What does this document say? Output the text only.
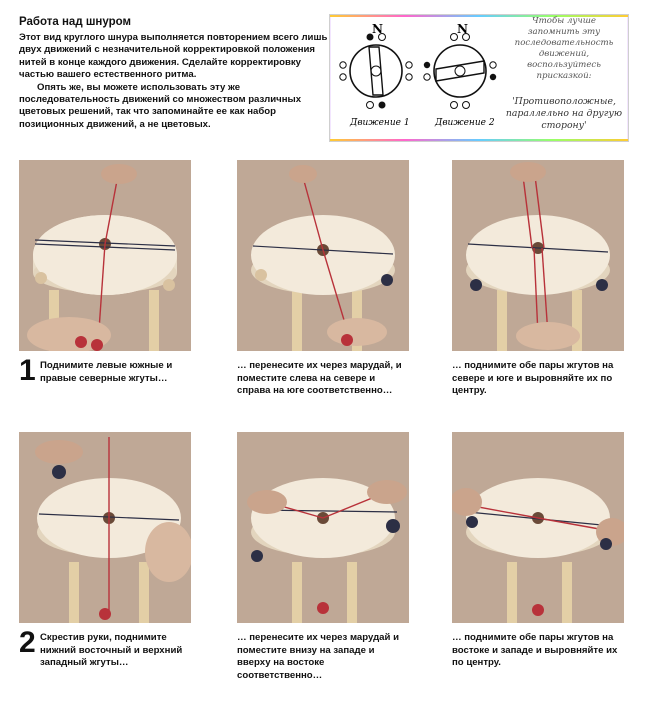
Работа над шнуром

Этот вид круглого шнура выполняется повторением всего лишь двух движений с незначительной корректировкой положения нитей в конце каждого движения. Сделайте корректировку частью вашего естественного ритма.

Опять же, вы можете использовать эту же последовательность движений со множеством различных цветовых решений, так что запоминайте ее как набор позиционных движений, а не цветовых.

N	N
Движение 1	Движение 2
Чтобы лучше запомнить эту последовательность движений, воспользуйтесь присказкой:
'Противоположные, параллельно на другую сторону'
1 Поднимите левые южные и правые северные жгуты…
… перенесите их через марудай, и поместите слева на севере и справа на юге соответственно…
… поднимите обе пары жгутов на севере и юге и выровняйте их по центру.
2 Скрестив руки, поднимите нижний восточный и верхний западный жгуты…
… перенесите их через марудай и поместите внизу на западе и вверху на востоке соответственно…
… поднимите обе пары жгутов на востоке и западе и выровняйте их по центру.
